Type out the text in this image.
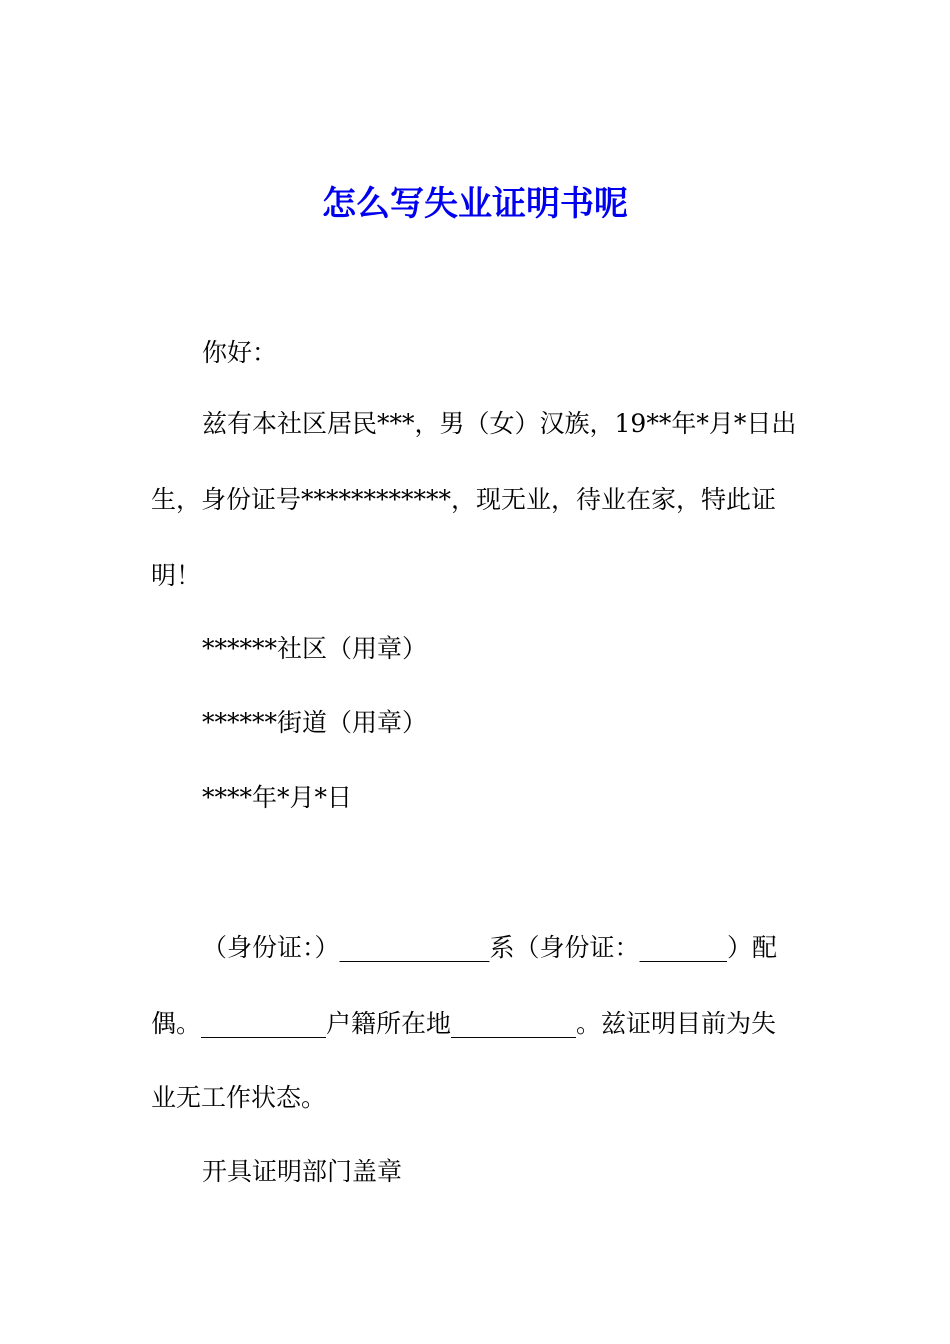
怎么写失业证明书呢

你好：

兹有本社区居民***，男（女）汉族，19**年*月*日出

生，身份证号************，现无业，待业在家，特此证

明！

******社区（用章）

******街道（用章）

****年*月*日

（身份证：）____________系（身份证：_______）配

偶。__________户籍所在地__________。兹证明目前为失

业无工作状态。

开具证明部门盖章
